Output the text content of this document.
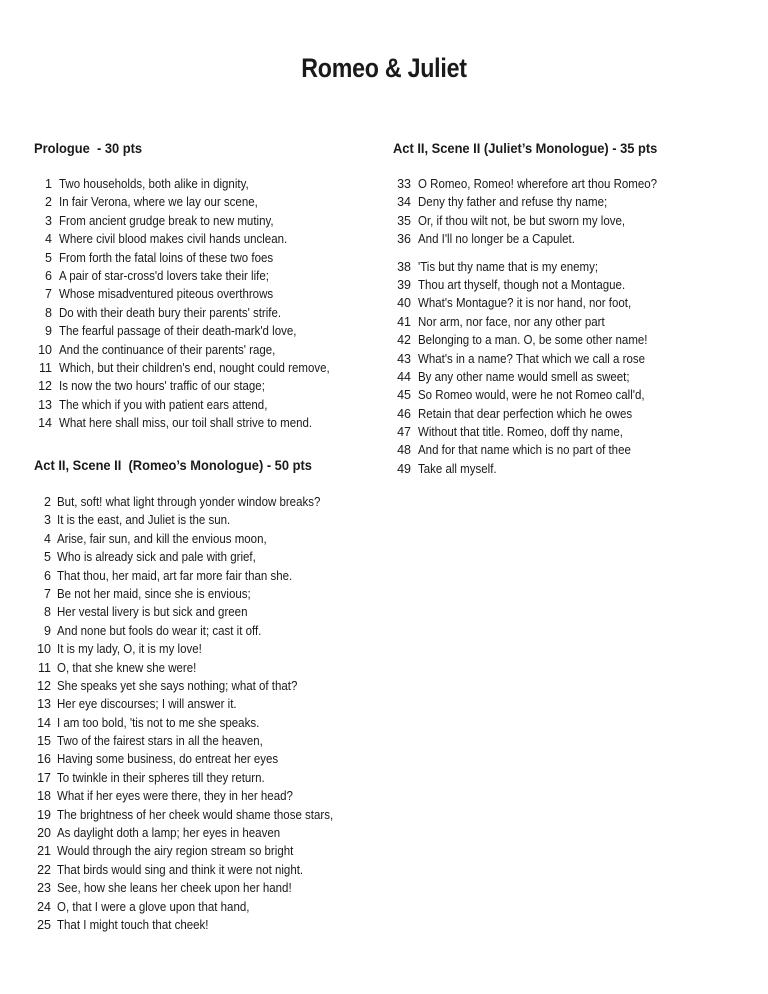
Romeo & Juliet
Prologue  - 30 pts
1 Two households, both alike in dignity,
2 In fair Verona, where we lay our scene,
3 From ancient grudge break to new mutiny,
4 Where civil blood makes civil hands unclean.
5 From forth the fatal loins of these two foes
6 A pair of star-cross'd lovers take their life;
7 Whose misadventured piteous overthrows
8 Do with their death bury their parents' strife.
9 The fearful passage of their death-mark'd love,
10 And the continuance of their parents' rage,
11 Which, but their children's end, nought could remove,
12 Is now the two hours' traffic of our stage;
13 The which if you with patient ears attend,
14 What here shall miss, our toil shall strive to mend.
Act II, Scene II  (Romeo’s Monologue) - 50 pts
2 But, soft! what light through yonder window breaks?
3 It is the east, and Juliet is the sun.
4 Arise, fair sun, and kill the envious moon,
5 Who is already sick and pale with grief,
6 That thou, her maid, art far more fair than she.
7 Be not her maid, since she is envious;
8 Her vestal livery is but sick and green
9 And none but fools do wear it; cast it off.
10 It is my lady, O, it is my love!
11 O, that she knew she were!
12 She speaks yet she says nothing; what of that?
13 Her eye discourses; I will answer it.
14 I am too bold, 'tis not to me she speaks.
15 Two of the fairest stars in all the heaven,
16 Having some business, do entreat her eyes
17 To twinkle in their spheres till they return.
18 What if her eyes were there, they in her head?
19 The brightness of her cheek would shame those stars,
20 As daylight doth a lamp; her eyes in heaven
21 Would through the airy region stream so bright
22 That birds would sing and think it were not night.
23 See, how she leans her cheek upon her hand!
24 O, that I were a glove upon that hand,
25 That I might touch that cheek!
Act II, Scene II (Juliet’s Monologue) - 35 pts
33 O Romeo, Romeo! wherefore art thou Romeo?
34 Deny thy father and refuse thy name;
35 Or, if thou wilt not, be but sworn my love,
36 And I'll no longer be a Capulet.
38 'Tis but thy name that is my enemy;
39 Thou art thyself, though not a Montague.
40 What's Montague? it is nor hand, nor foot,
41 Nor arm, nor face, nor any other part
42 Belonging to a man. O, be some other name!
43 What's in a name? That which we call a rose
44 By any other name would smell as sweet;
45 So Romeo would, were he not Romeo call'd,
46 Retain that dear perfection which he owes
47 Without that title. Romeo, doff thy name,
48 And for that name which is no part of thee
49 Take all myself.
